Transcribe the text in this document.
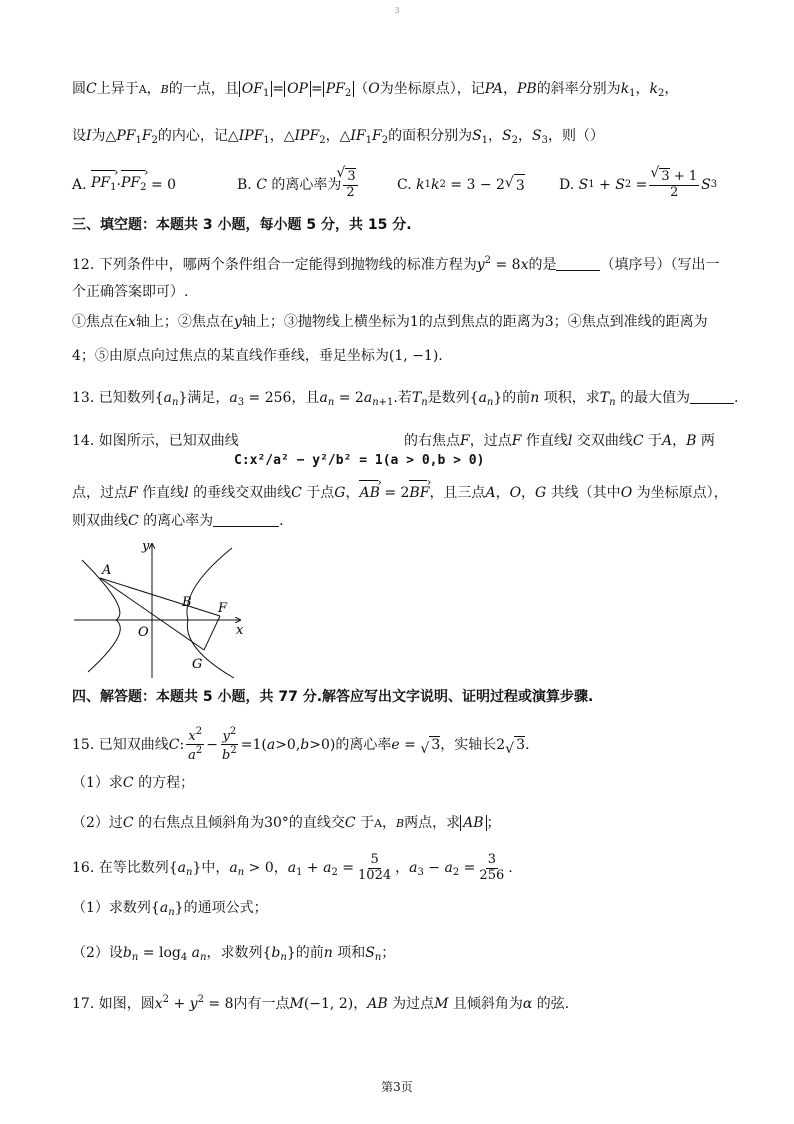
3

圆C上异于A，B的一点，且 $OF_1$ = OP = $PF_2$ （O为坐标原点），记PA，PB的斜率分别为$k_1$，$k_2$，

设I为$\triangle PF_1F_2$的内心，记$\triangle IPF_1$，$\triangle IPF_2$，$\triangle IF_1F_2$的面积分别为$S_1$，$S_2$，$S_3$，则（）

A.
$PF_1$ › · $PF_2$ › = 0	B.
C
的离心率为 √ $\frac{3}{2}$	C.
k 1 k 2 = 3 − 2 √ 3 D.
S 1 + S 2 = √ $\frac{3 + 1}{2}$ S 3

三、填空题：本题共 3 小题，每小题 5 分，共 15 分.

12. 下列条件中，哪两个条件组合一定能得到抛物线的标准方程为$y^2 = 8x$的是	（填序号）（写出一

个正确答案即可）.

①焦点在x轴上；②焦点在y轴上；③抛物线上横坐标为1的点到焦点的距离为3；④焦点到准线的距离为

4；⑤由原点向过焦点的某直线作垂线，垂足坐标为(1, −1).

13. 已知数列$\{a_n\}$满足，$a_3 = 256$，且$a_n = 2a_{n+1}$.若$T_n$是数列$\{a_n\}$的前n 项积，求$T_n$ 的最大值为	.

14. 如图所示，已知双曲线
C:x²/a² − y²/b² = 1(a > 0,b > 0)
的右焦点F，过点F 作直线l 交双曲线C 于A，B 两

点，过点F 作直线l 的垂线交双曲线C 于点G，AB › = 2BF ›，且三点A，O，G 共线（其中O 为坐标原点），

则双曲线C 的离心率为	.

y
x
A
B F
O
G

四、解答题：本题共 5 小题，共 77 分.解答应写出文字说明、证明过程或演算步骤.

15. 已知双曲线C: $\frac{x^2}{a^2} - \frac{y^2}{b^2} =1(a>0,b>0)$的离心率e = √ 3，实轴长2 √ 3.

（1）求C 的方程；

（2）过C 的右焦点且倾斜角为30°的直线交C 于A，B两点，求 AB ；

16. 在等比数列$\{a_n\}$中，$a_n > 0$，$a_1 + a_2 = \frac{5}{1024}$ ，$a_3 - a_2 = \frac{3}{256}$ .

（1）求数列$\{a_n\}$的通项公式；

（2）设$b_n = \log_4 a_n$，求数列$\{b_n\}$的前n 项和$S_n$；

17. 如图，圆$x^2 + y^2 = 8$内有一点M(−1, 2)，AB 为过点M 且倾斜角为α 的弦.

第3页
